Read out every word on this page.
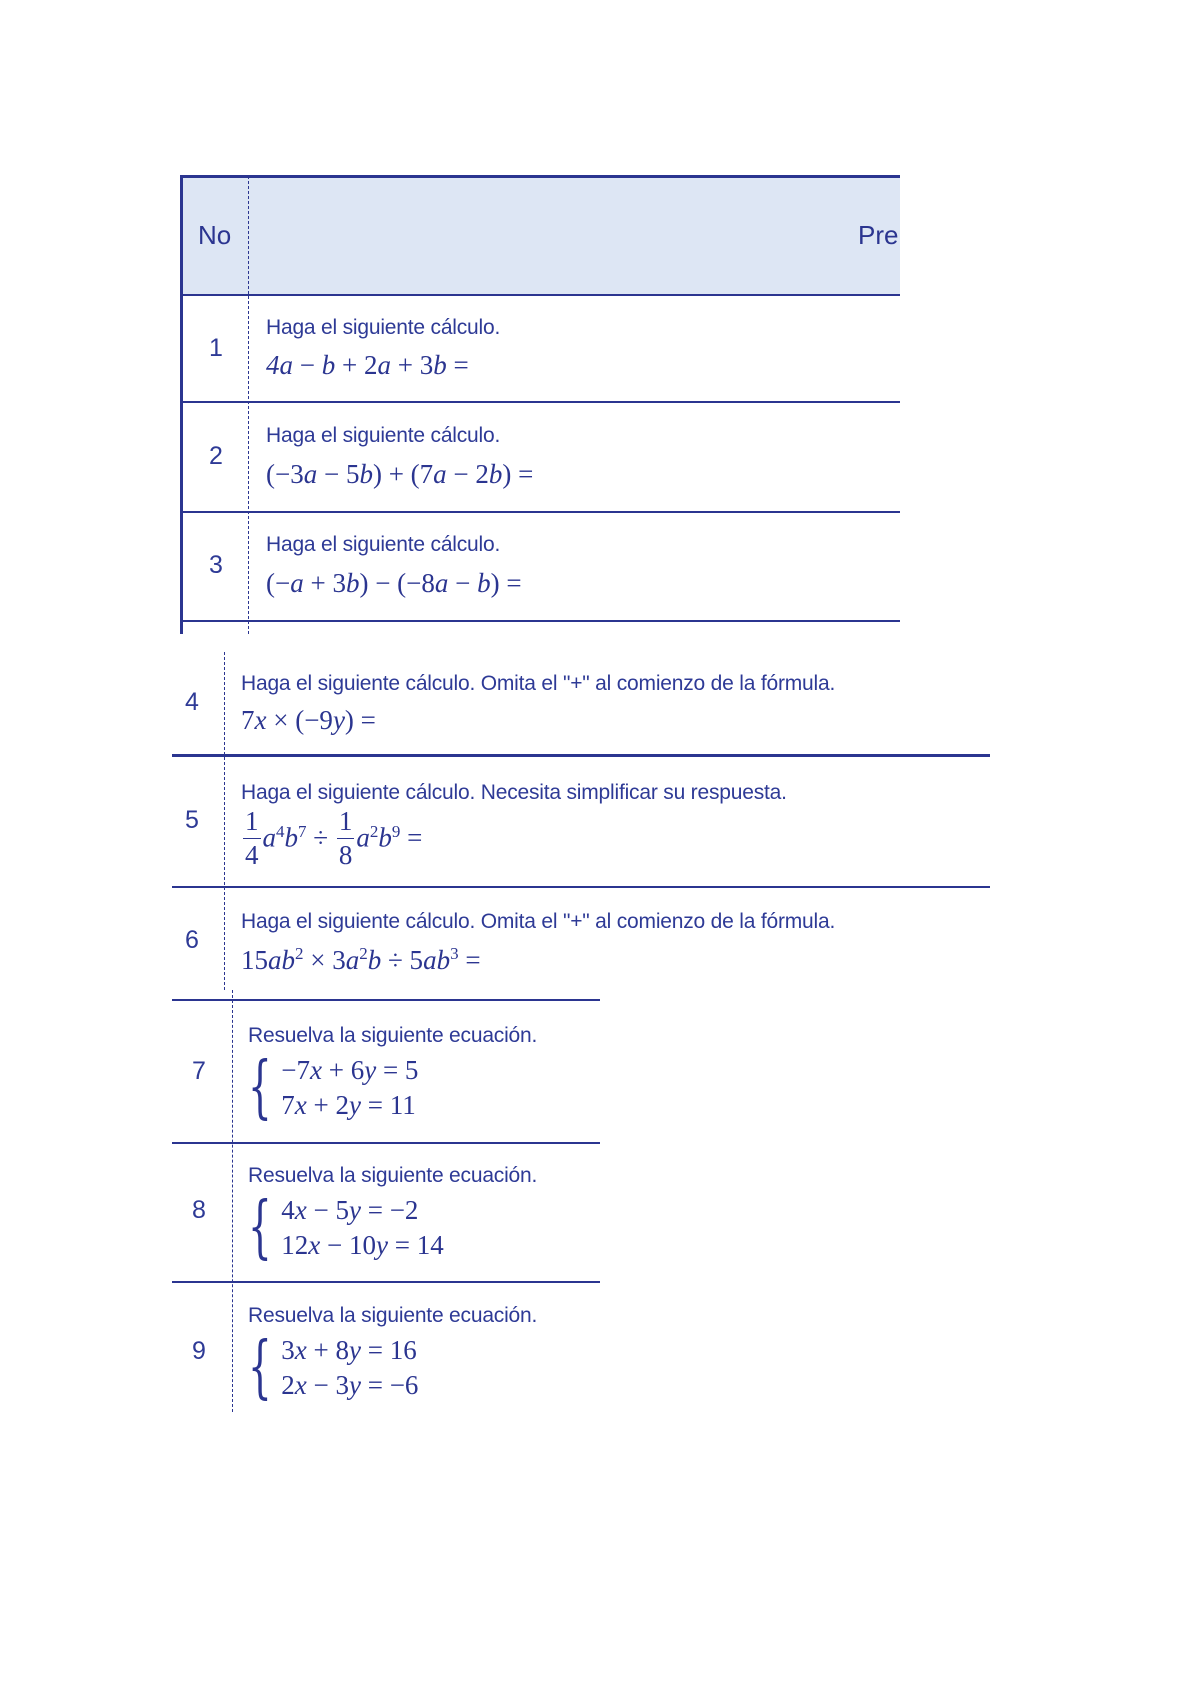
No	Pre
1
Haga el siguiente cálculo.
4a − b + 2a + 3b =
2
Haga el siguiente cálculo.
(−3a − 5b) + (7a − 2b) =
3
Haga el siguiente cálculo.
(−a + 3b) − (−8a − b) =
4
Haga el siguiente cálculo. Omita el "+" al comienzo de la fórmula.
7x × (−9y) =
5
Haga el siguiente cálculo. Necesita simplificar su respuesta.
$\frac{1}{4} a^4b^7 \div \frac{1}{8} a^2b^9$ =
6
Haga el siguiente cálculo. Omita el "+" al comienzo de la fórmula.
$15ab^2 \times 3a^2b \div 5ab^3$ =
7
Resuelva la siguiente ecuación.
{ −7x + 6y = 5
7x + 2y = 11
8
Resuelva la siguiente ecuación.
{ 4x − 5y = −2
12x − 10y = 14
9
Resuelva la siguiente ecuación.
{ 3x + 8y = 16
2x − 3y = −6
